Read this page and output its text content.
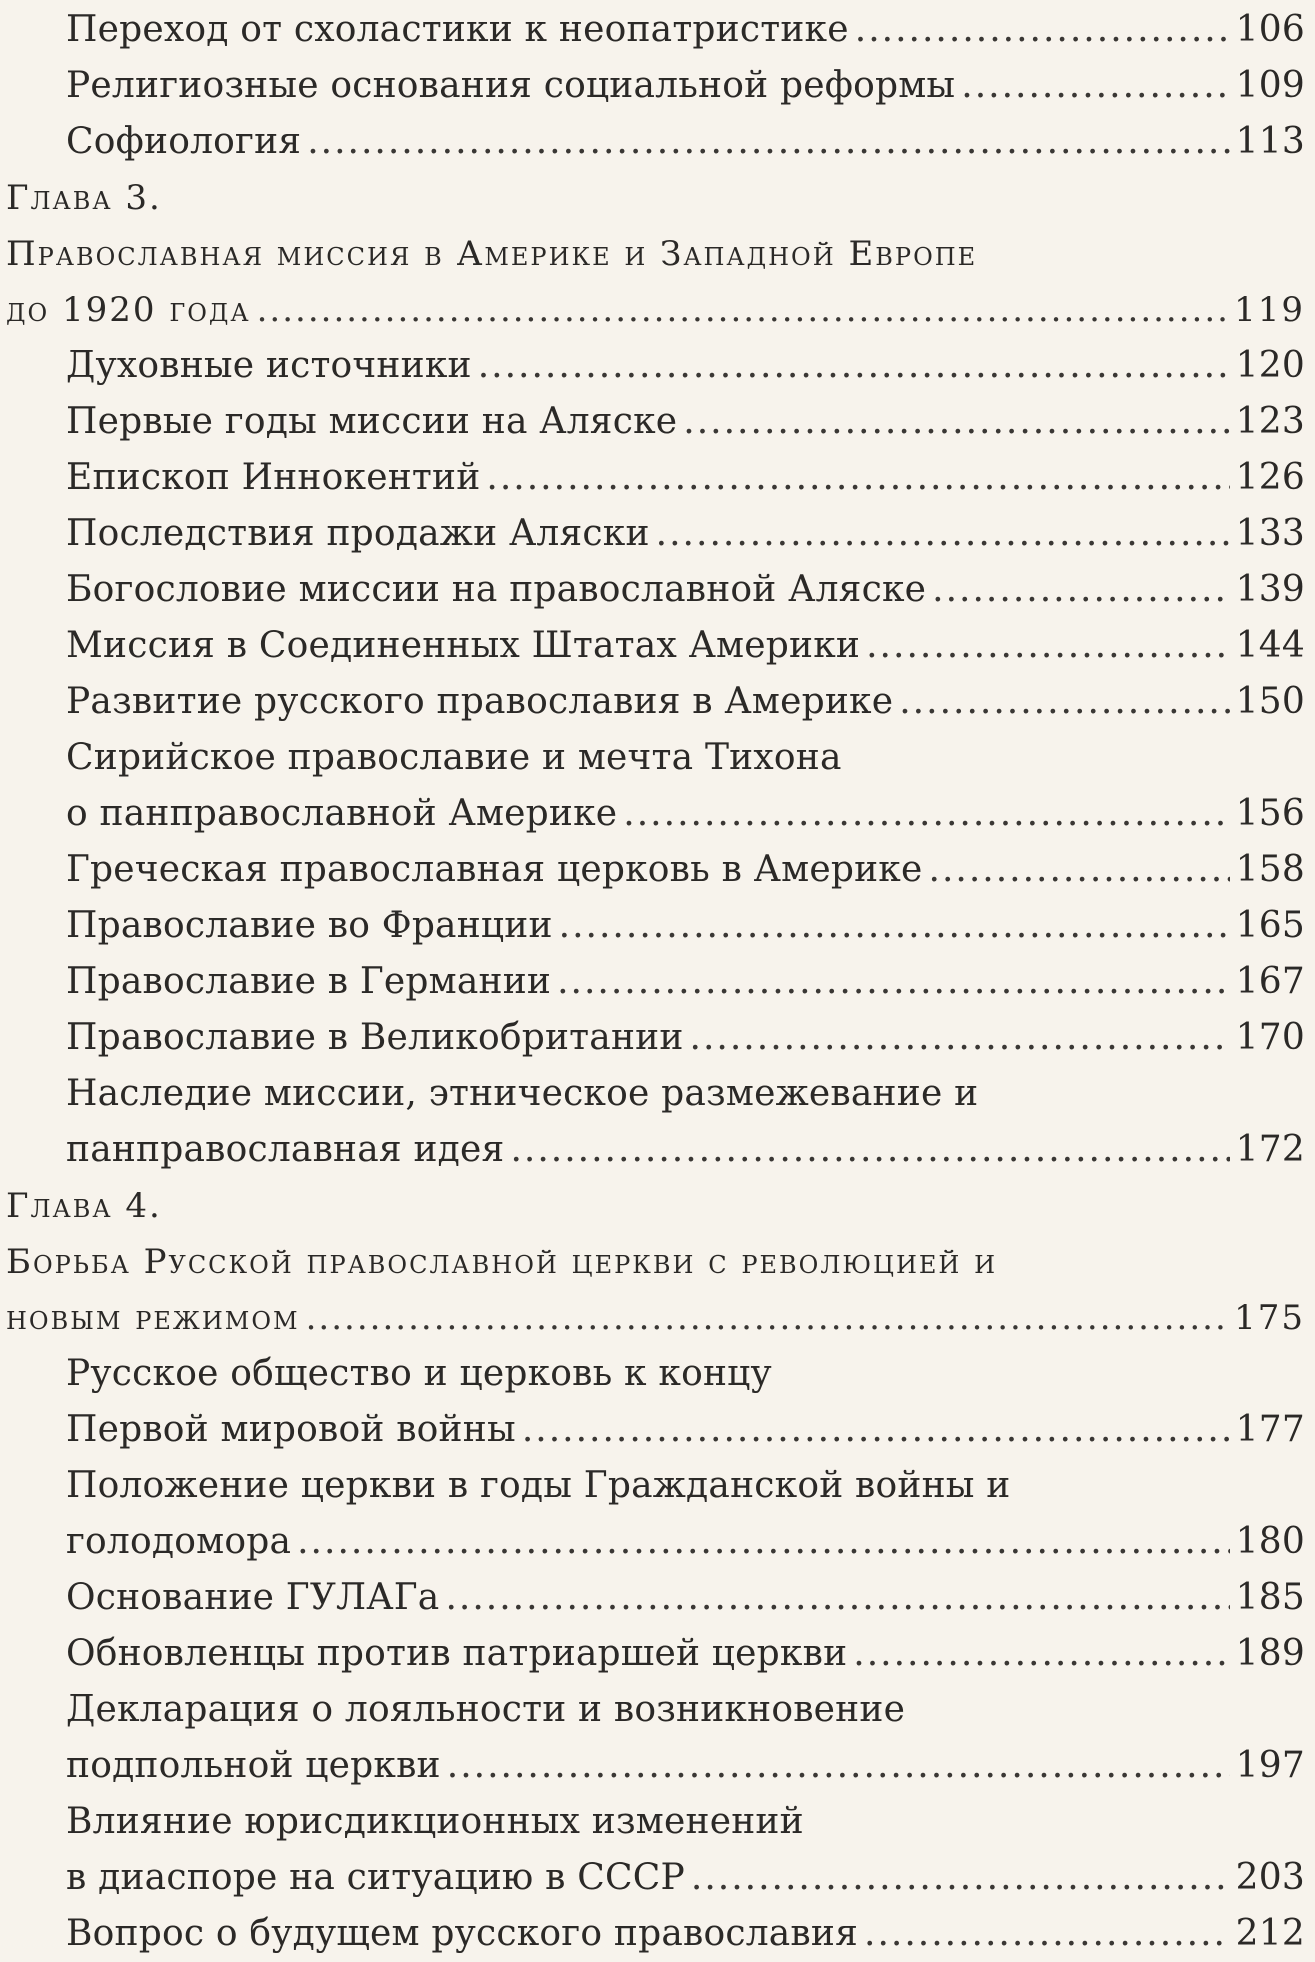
Переход от схоластики к неопатристике .....	106
Религиозные основания социальной реформы .....	109
Софиология .....	113
Глава 3.
Православная миссия в Америке и Западной Европе
до 1920 года .....	119
Духовные источники .....	120
Первые годы миссии на Аляске .....	123
Епископ Иннокентий .....	126
Последствия продажи Аляски .....	133
Богословие миссии на православной Аляске .....	139
Миссия в Соединенных Штатах Америки .....	144
Развитие русского православия в Америке .....	150
Сирийское православие и мечта Тихона
о панправославной Америке .....	156
Греческая православная церковь в Америке .....	158
Православие во Франции .....	165
Православие в Германии .....	167
Православие в Великобритании .....	170
Наследие миссии, этническое размежевание и
панправославная идея .....	172
Глава 4.
Борьба Русской православной церкви с революцией и
новым режимом .....	175
Русское общество и церковь к концу
Первой мировой войны .....	177
Положение церкви в годы Гражданской войны и
голодомора .....	180
Основание ГУЛАГа .....	185
Обновленцы против патриаршей церкви .....	189
Декларация о лояльности и возникновение
подпольной церкви .....	197
Влияние юрисдикционных изменений
в диаспоре на ситуацию в СССР .....	203
Вопрос о будущем русского православия .....	212
